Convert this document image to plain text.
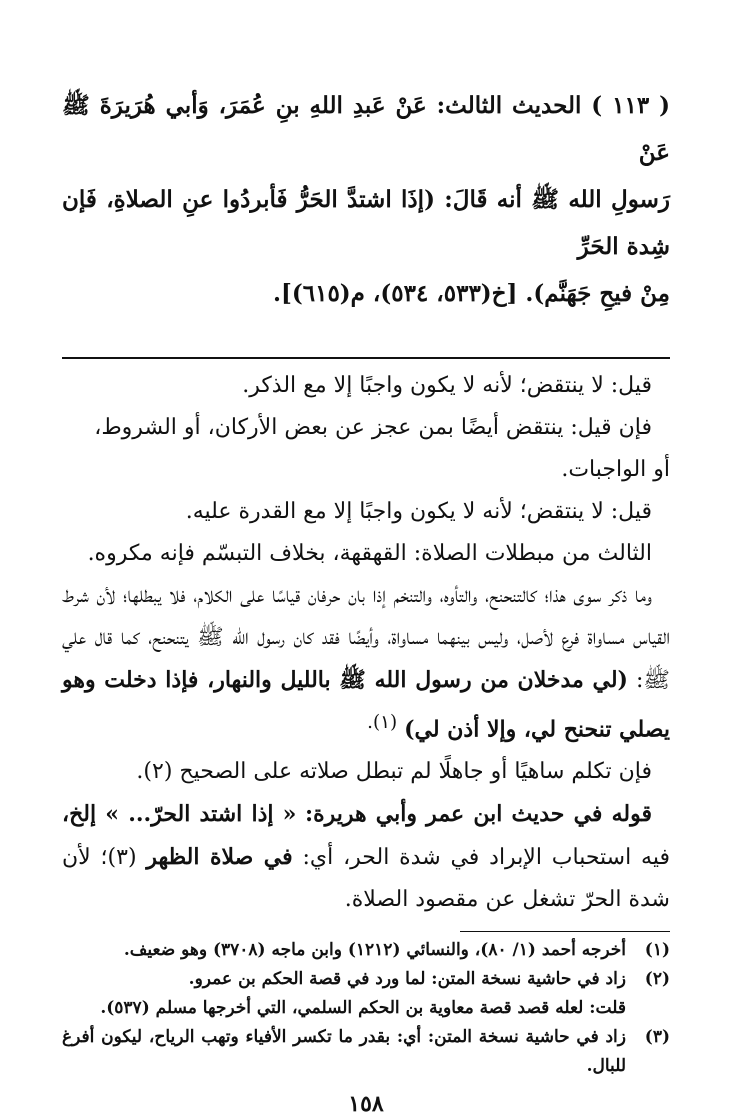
( ١١٣ ) الحديث الثالث: عَنْ عَبدِ اللهِ بنِ عُمَرَ، وَأبي هُرَيرَةَ ﷺ عَنْ

رَسولِ الله ﷺ أنه قَالَ: (إذَا اشتدَّ الحَرُّ فَأبردُوا عنِ الصلاةِ، فَإن شِدة الحَرِّ

مِنْ فيحِ جَهَنَّم). [خ(٥٣٣، ٥٣٤)، م(٦١٥)].

قيل: لا ينتقض؛ لأنه لا يكون واجبًا إلا مع الذكر.

فإن قيل: ينتقض أيضًا بمن عجز عن بعض الأركان، أو الشروط،

أو الواجبات.

قيل: لا ينتقض؛ لأنه لا يكون واجبًا إلا مع القدرة عليه.

الثالث من مبطلات الصلاة: القهقهة، بخلاف التبسّم فإنه مكروه.

وما ذكر سوى هذا؛ كالتنحنح، والتأوه، والتنخم إذا بان حرفان قياسًا على الكلام، فلا يبطلها؛ لأن شرط القياس مساواة فرع لأصل، وليس بينهما مساواة، وأيضًا فقد كان رسول الله ﷺ يتنحنح، كما قال علي ﷺ: (لي مدخلان من رسول الله ﷺ بالليل والنهار، فإذا دخلت وهو يصلي تنحنح لي، وإلا أذن لي) $^{(١).}$

فإن تكلم ساهيًا أو جاهلًا لم تبطل صلاته على الصحيح (٢).

قوله في حديث ابن عمر وأبي هريرة: « إذا اشتد الحرّ... » إلخ، فيه استحباب الإبراد في شدة الحر، أي: في صلاة الظهر (٣)؛ لأن شدة الحرّ تشغل عن مقصود الصلاة.

(١)
أخرجه أحمد (١/ ٨٠)، والنسائي (١٢١٢) وابن ماجه (٣٧٠٨) وهو ضعيف.
(٢)
زاد في حاشية نسخة المتن: لما ورد في قصة الحكم بن عمرو.
قلت: لعله قصد قصة معاوية بن الحكم السلمي، التي أخرجها مسلم (٥٣٧).
(٣)
زاد في حاشية نسخة المتن: أي: بقدر ما تكسر الأفياء وتهب الرياح، ليكون أفرغ للبال.
١٥٨
